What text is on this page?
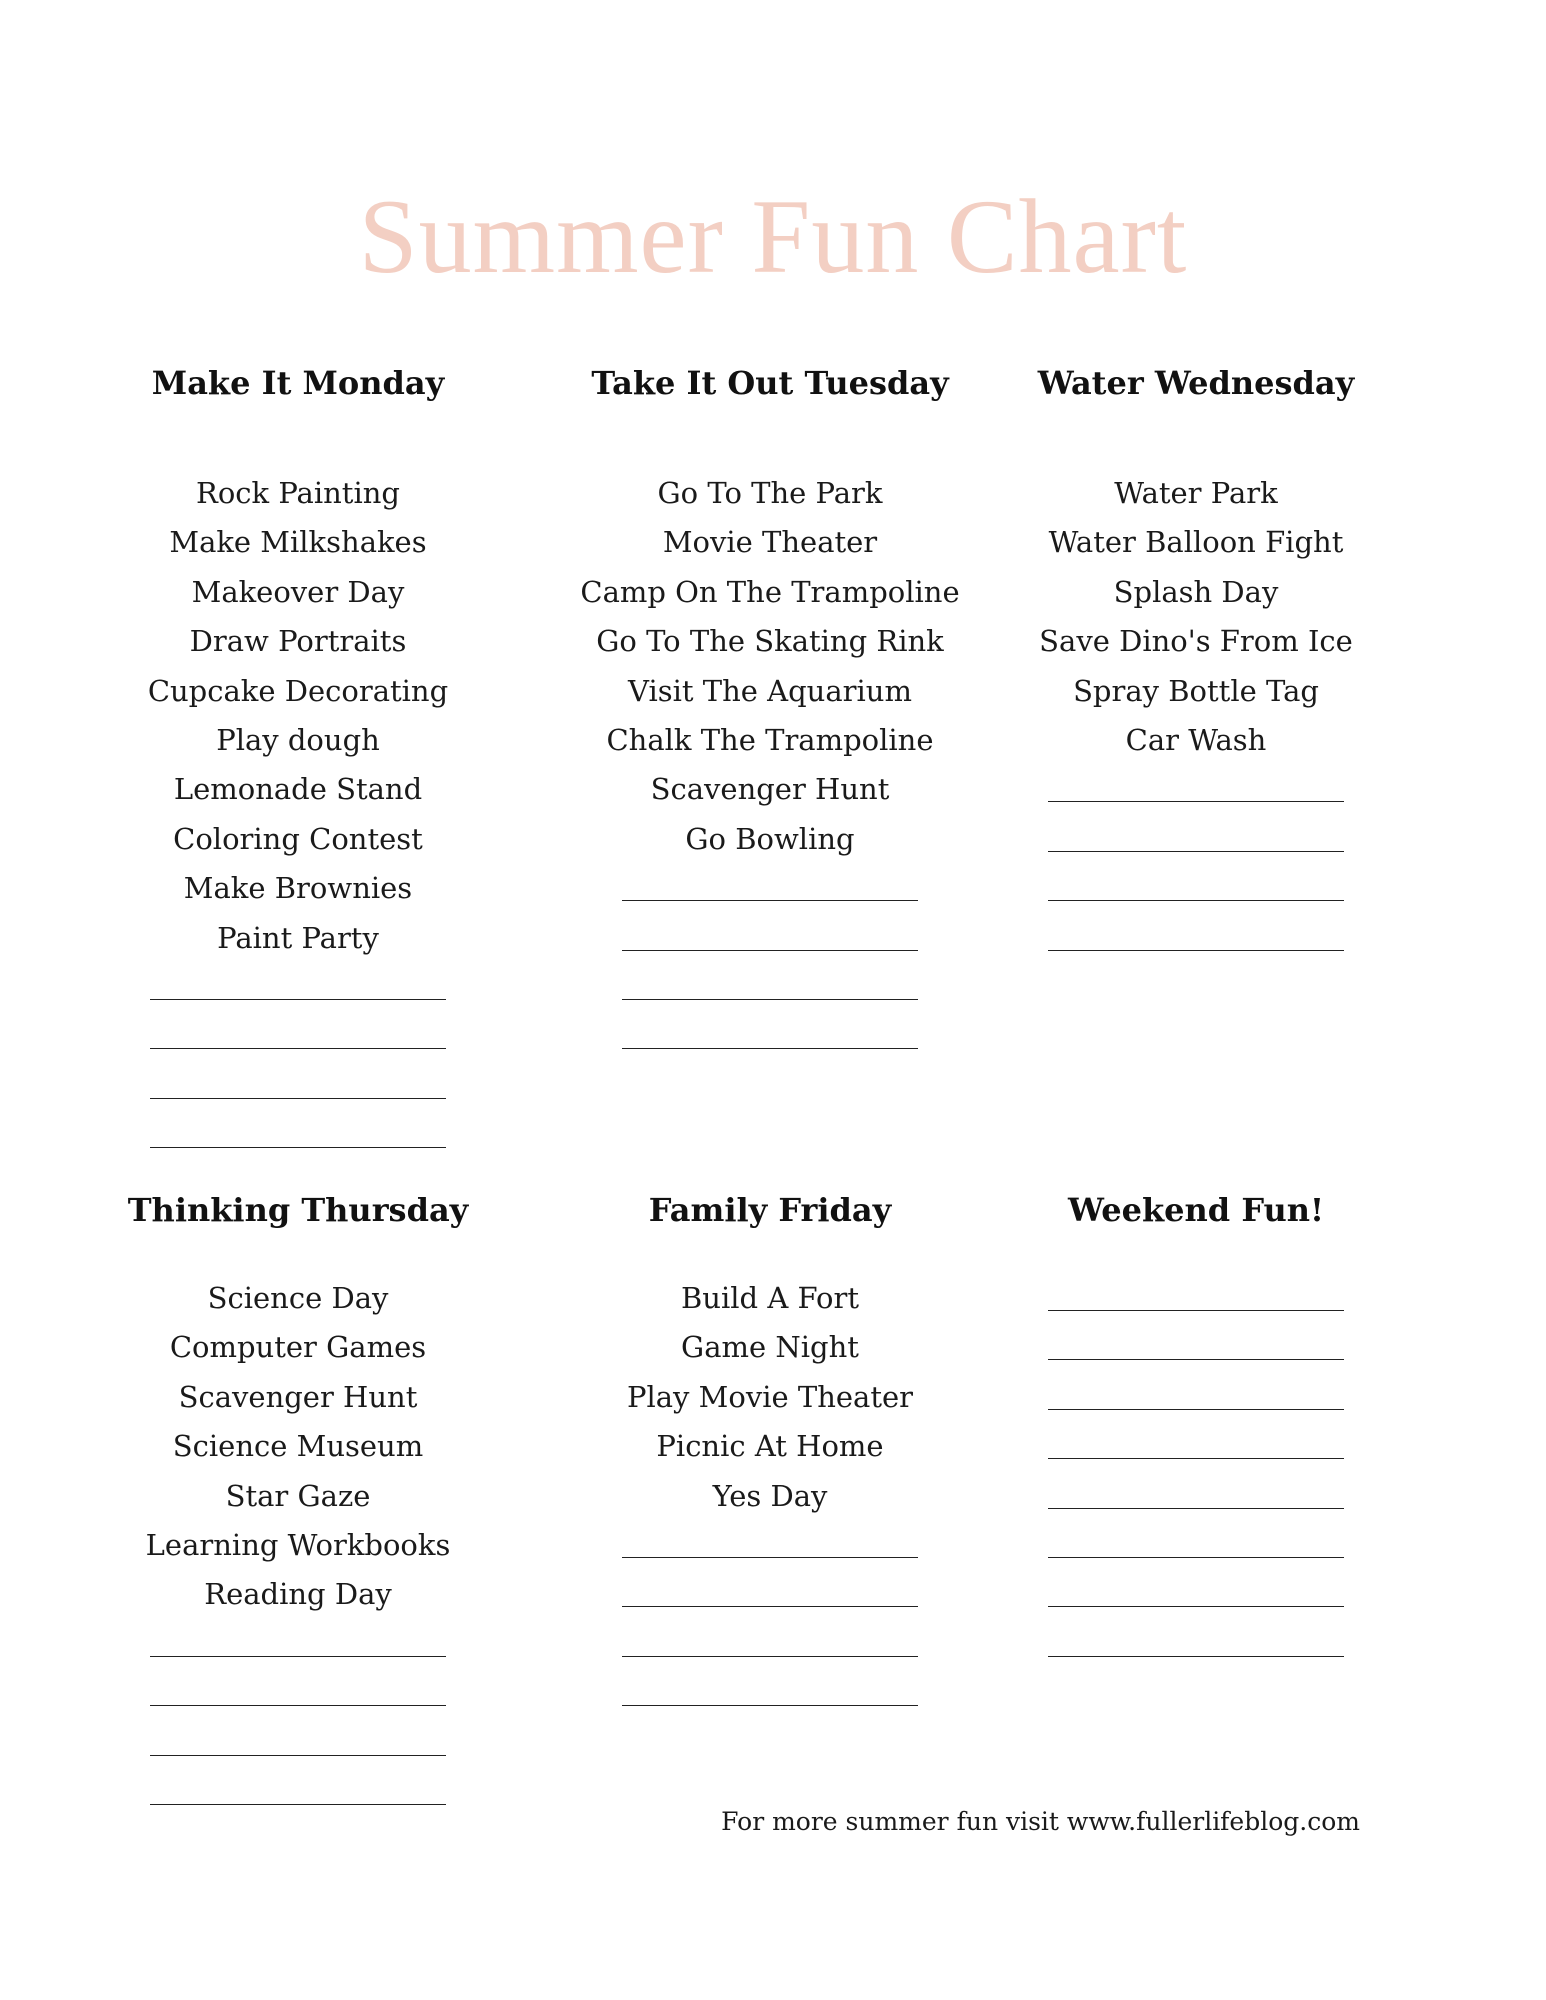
Summer Fun Chart
Make It Monday
Rock Painting
Make Milkshakes
Makeover Day
Draw Portraits
Cupcake Decorating
Play dough
Lemonade Stand
Coloring Contest
Make Brownies
Paint Party
Take It Out Tuesday
Go To The Park
Movie Theater
Camp On The Trampoline
Go To The Skating Rink
Visit The Aquarium
Chalk The Trampoline
Scavenger Hunt
Go Bowling
Water Wednesday
Water Park
Water Balloon Fight
Splash Day
Save Dino's From Ice
Spray Bottle Tag
Car Wash
Thinking Thursday
Science Day
Computer Games
Scavenger Hunt
Science Museum
Star Gaze
Learning Workbooks
Reading Day
Family Friday
Build A Fort
Game Night
Play Movie Theater
Picnic At Home
Yes Day
Weekend Fun!
For more summer fun visit www.fullerlifeblog.com
